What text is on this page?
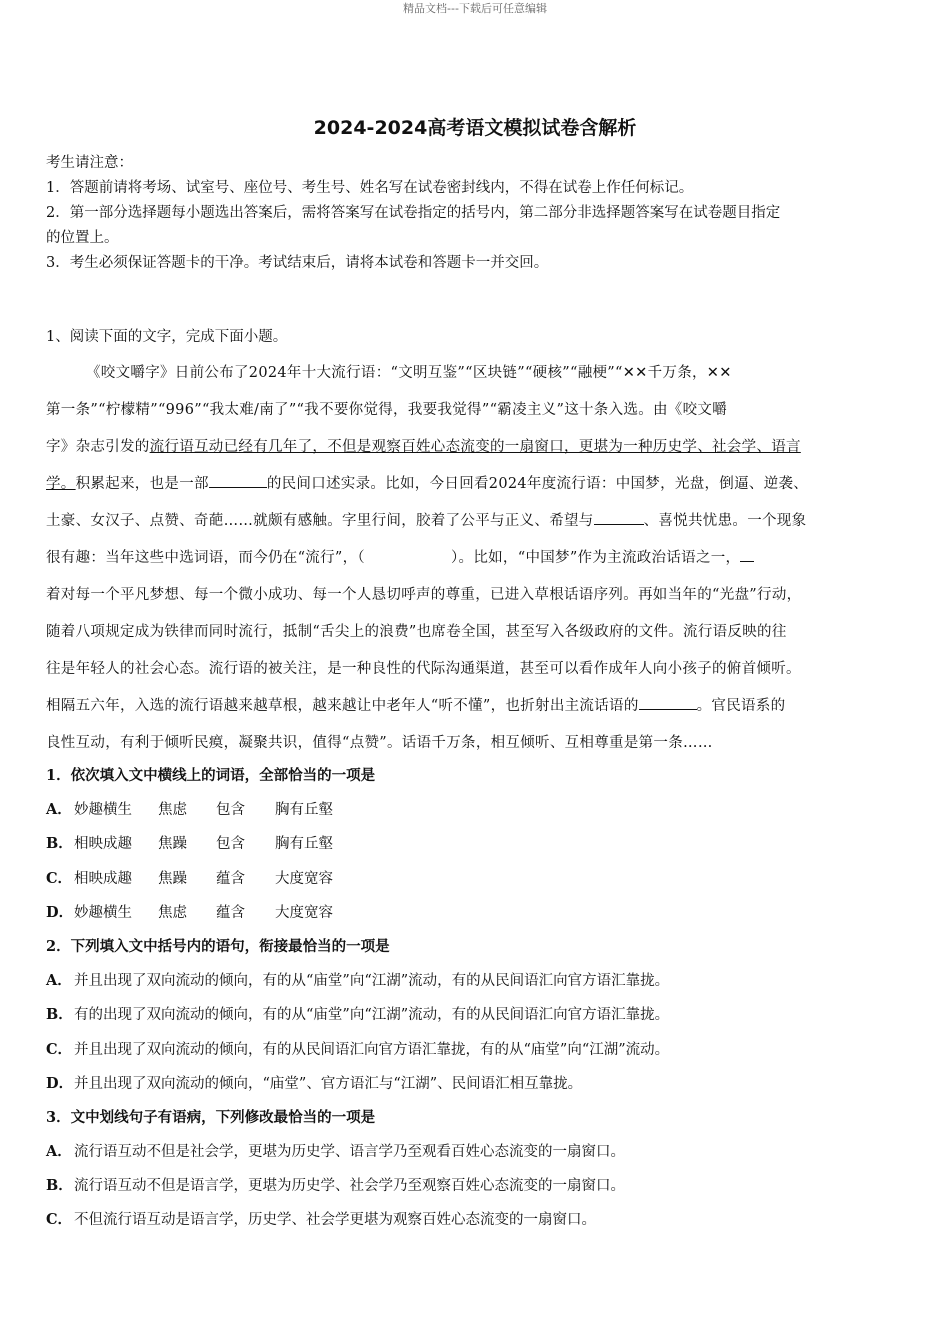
精品文档---下载后可任意编辑
2024-2024高考语文模拟试卷含解析
考生请注意：
1．答题前请将考场、试室号、座位号、考生号、姓名写在试卷密封线内，不得在试卷上作任何标记。
2．第一部分选择题每小题选出答案后，需将答案写在试卷指定的括号内，第二部分非选择题答案写在试卷题目指定
的位置上。
3．考生必须保证答题卡的干净。考试结束后，请将本试卷和答题卡一并交回。
1、阅读下面的文字，完成下面小题。
《咬文嚼字》日前公布了2024年十大流行语：“文明互鉴”“区块链”“硬核”“融梗”“✕✕千万条，✕✕
第一条”“柠檬精”“996”“我太难/南了”“我不要你觉得，我要我觉得”“霸凌主义”这十条入选。由《咬文嚼
字》杂志引发的流行语互动已经有几年了，不但是观察百姓心态流变的一扇窗口，更堪为一种历史学、社会学、语言
学。积累起来，也是一部	的民间口述实录。比如，今日回看2024年度流行语：中国梦，光盘，倒逼、逆袭、
土豪、女汉子、点赞、奇葩……就颇有感触。字里行间，胶着了公平与正义、希望与	、喜悦共忧患。一个现象
很有趣：当年这些中选词语，而今仍在“流行”，（	）。比如，“中国梦”作为主流政治话语之一，
着对每一个平凡梦想、每一个微小成功、每一个人恳切呼声的尊重，已进入草根话语序列。再如当年的“光盘”行动，
随着八项规定成为铁律而同时流行，抵制“舌尖上的浪费”也席卷全国，甚至写入各级政府的文件。流行语反映的往
往是年轻人的社会心态。流行语的被关注，是一种良性的代际沟通渠道，甚至可以看作成年人向小孩子的俯首倾听。
相隔五六年，入选的流行语越来越草根，越来越让中老年人“听不懂”，也折射出主流话语的	。官民语系的
良性互动，有利于倾听民瘼，凝聚共识，值得“点赞”。话语千万条，相互倾听、互相尊重是第一条……
1．依次填入文中横线上的词语，全部恰当的一项是
A． 妙趣横生 焦虑 包含 胸有丘壑
B．相映成趣 焦躁 包含 胸有丘壑
C． 相映成趣 焦躁 蕴含 大度宽容
D．妙趣横生 焦虑 蕴含 大度宽容
2．下列填入文中括号内的语句，衔接最恰当的一项是
A． 并且出现了双向流动的倾向，有的从“庙堂”向“江湖”流动，有的从民间语汇向官方语汇靠拢。
B．有的出现了双向流动的倾向，有的从“庙堂”向“江湖”流动，有的从民间语汇向官方语汇靠拢。
C． 并且出现了双向流动的倾向，有的从民间语汇向官方语汇靠拢，有的从“庙堂”向“江湖”流动。
D．并且出现了双向流动的倾向，“庙堂”、官方语汇与“江湖”、民间语汇相互靠拢。
3．文中划线句子有语病，下列修改最恰当的一项是
A． 流行语互动不但是社会学，更堪为历史学、语言学乃至观看百姓心态流变的一扇窗口。
B．流行语互动不但是语言学，更堪为历史学、社会学乃至观察百姓心态流变的一扇窗口。
C． 不但流行语互动是语言学，历史学、社会学更堪为观察百姓心态流变的一扇窗口。
